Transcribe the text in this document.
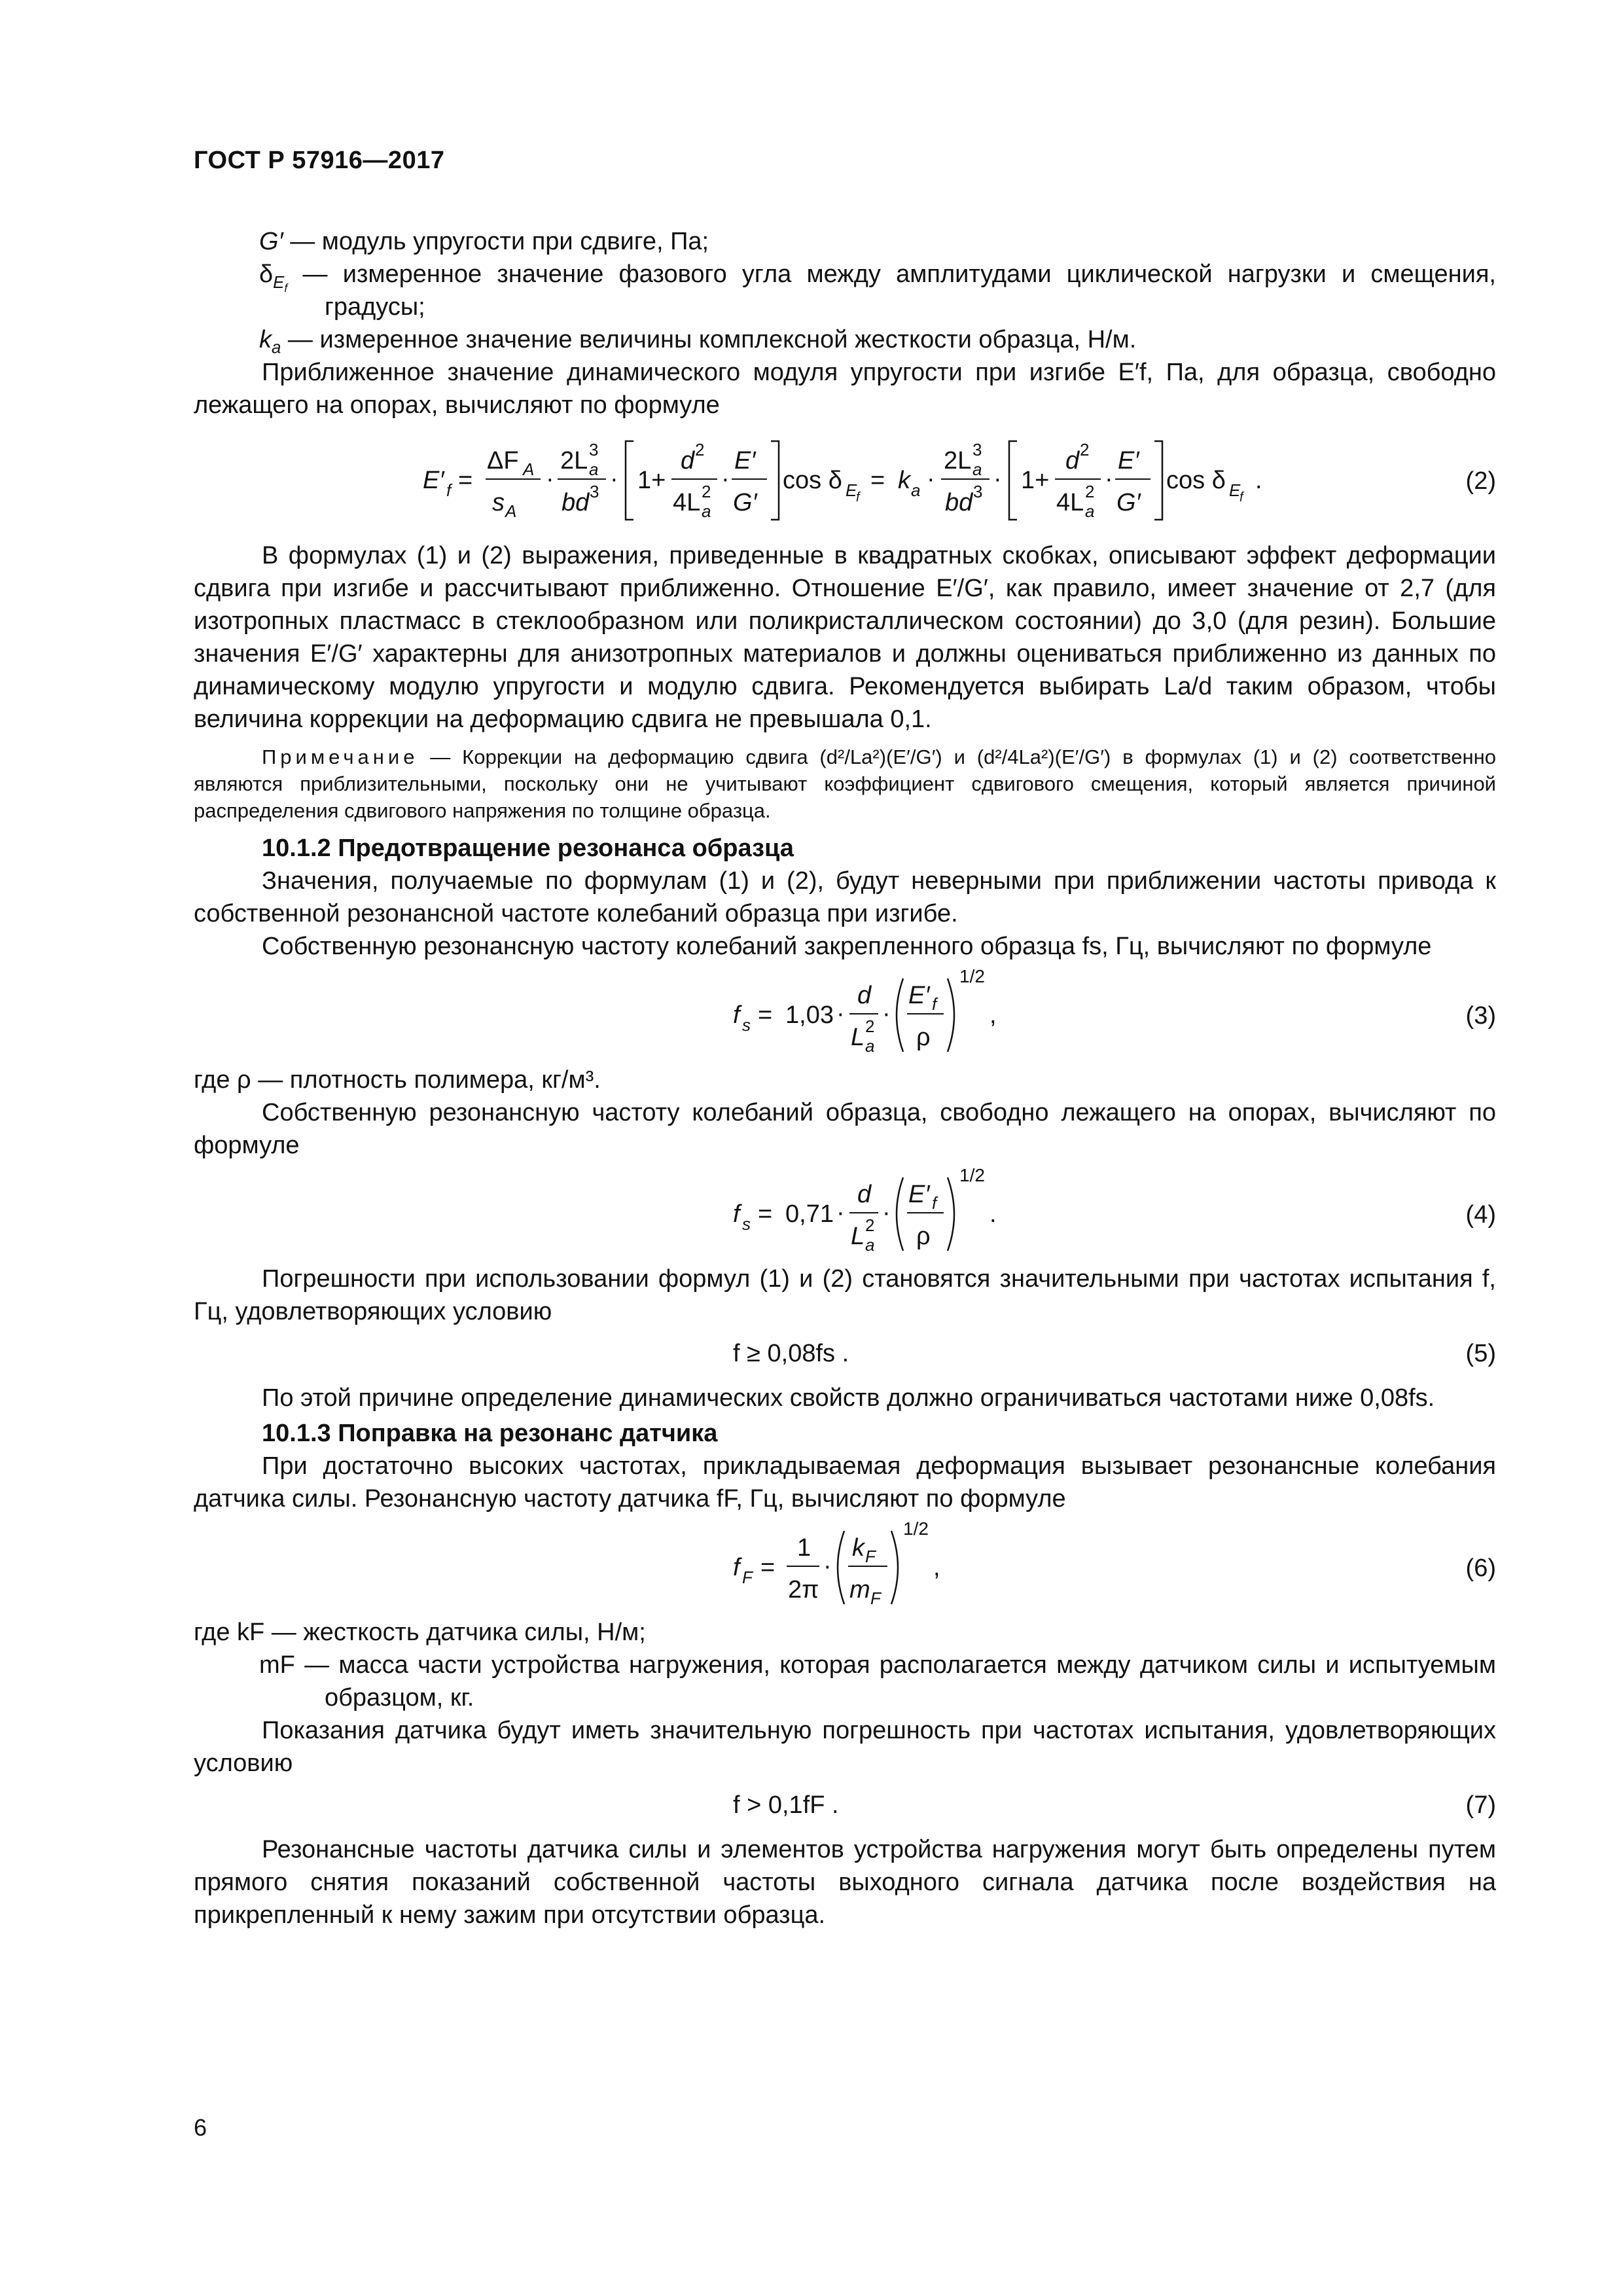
ГОСТ Р 57916—2017

G′ — модуль упругости при сдвиге, Па;

$\delta_{E_f}$ — измеренное значение фазового угла между амплитудами циклической нагрузки и смещения, градусы;

$k_a$ — измеренное значение величины комплексной жесткости образца, Н/м.

Приближенное значение динамического модуля упругости при изгибе E′f, Па, для образца, свободно лежащего на опорах, вычисляют по формуле

E′ f =
ΔF A
s A
·
2L 3
a
bd 3 · 1+
d 2
4L 2
a
·
E′
G′
cos δ E
f
= k a ·
2L 3
a
bd 3 · 1+
d 2
4L 2
a
·
E′
G′
cos δ E
f
.	(2)

В формулах (1) и (2) выражения, приведенные в квадратных скобках, описывают эффект деформации сдвига при изгибе и рассчитывают приближенно. Отношение E′/G′, как правило, имеет значение от 2,7 (для изотропных пластмасс в стеклообразном или поликристаллическом состоянии) до 3,0 (для резин). Большие значения E′/G′ характерны для анизотропных материалов и должны оцениваться приближенно из данных по динамическому модулю упругости и модулю сдвига. Рекомендуется выбирать La/d таким образом, чтобы величина коррекции на деформацию сдвига не превышала 0,1.

Примечание — Коррекции на деформацию сдвига (d²/La²)(E′/G′) и (d²/4La²)(E′/G′) в формулах (1) и (2) соответственно являются приблизительными, поскольку они не учитывают коэффициент сдвигового смещения, который является причиной распределения сдвигового напряжения по толщине образца.

10.1.2 Предотвращение резонанса образца

Значения, получаемые по формулам (1) и (2), будут неверными при приближении частоты привода к собственной резонансной частоте колебаний образца при изгибе.

Собственную резонансную частоту колебаний закрепленного образца fs, Гц, вычисляют по формуле

f s = 1,03 ·
d
L 2
a
·
E′ f
ρ
1/2
,	(3)

где ρ — плотность полимера, кг/м³.

Собственную резонансную частоту колебаний образца, свободно лежащего на опорах, вычисляют по формуле

f s = 0,71 ·
d
L 2
a
·
E′ f
ρ
1/2
.	(4)

Погрешности при использовании формул (1) и (2) становятся значительными при частотах испытания f, Гц, удовлетворяющих условию

f ≥ 0,08fs .	(5)

По этой причине определение динамических свойств должно ограничиваться частотами ниже 0,08fs.

10.1.3 Поправка на резонанс датчика

При достаточно высоких частотах, прикладываемая деформация вызывает резонансные колебания датчика силы. Резонансную частоту датчика fF, Гц, вычисляют по формуле

f F =
1
2π
·
k F
m F
1/2
,	(6)

где kF — жесткость датчика силы, Н/м;

mF — масса части устройства нагружения, которая располагается между датчиком силы и испытуемым образцом, кг.

Показания датчика будут иметь значительную погрешность при частотах испытания, удовлетворяющих условию

f > 0,1fF .	(7)

Резонансные частоты датчика силы и элементов устройства нагружения могут быть определены путем прямого снятия показаний собственной частоты выходного сигнала датчика после воздействия на прикрепленный к нему зажим при отсутствии образца.

6
